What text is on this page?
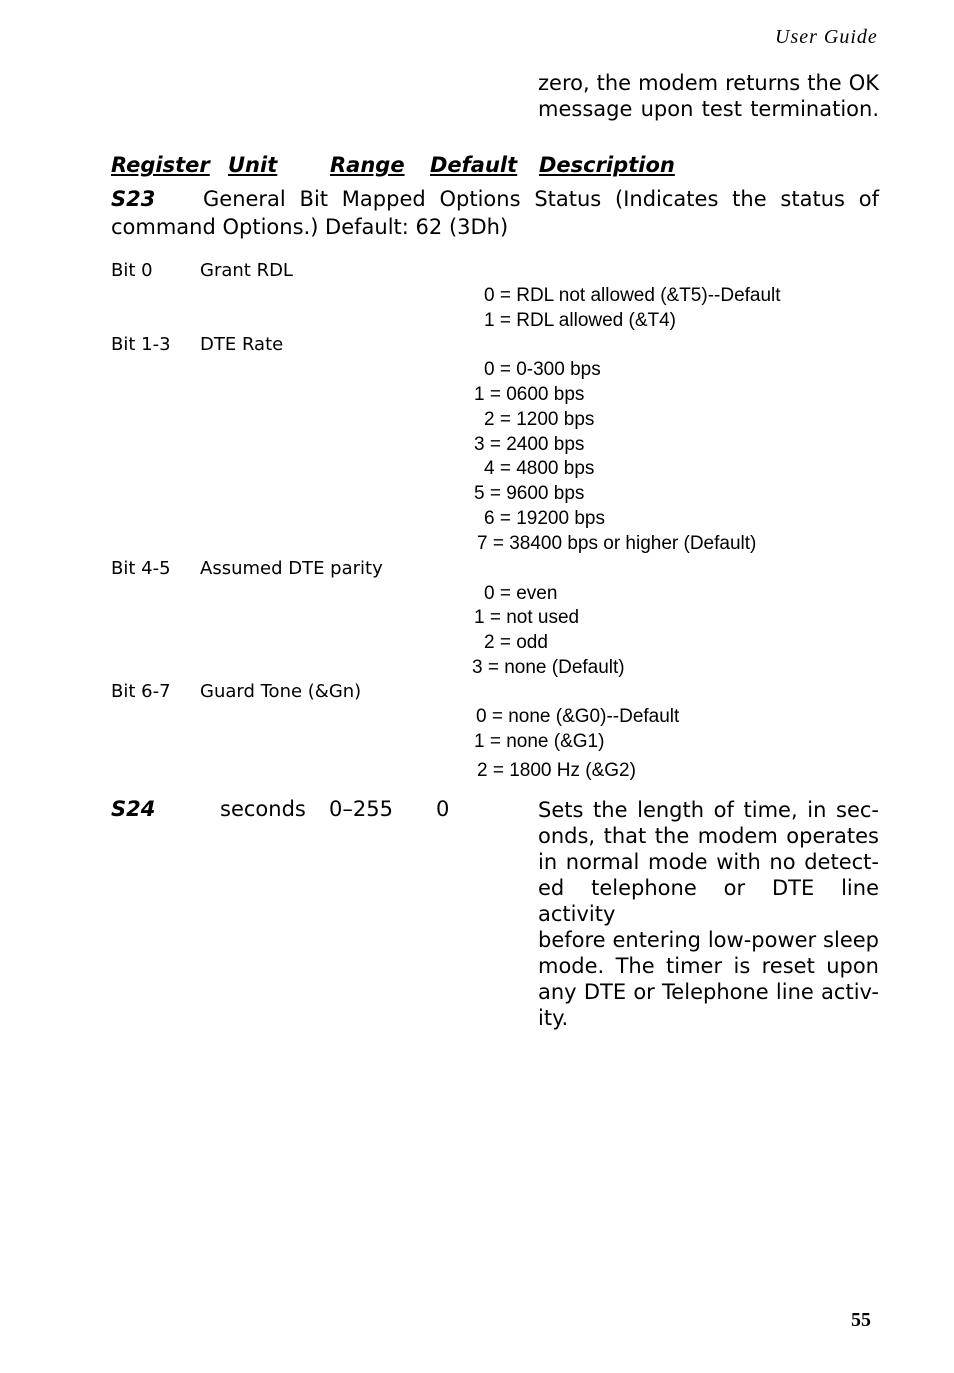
User Guide
zero, the modem returns the OK
message upon test termination.
Register Unit	Range Default Description
S23 General Bit Mapped Options Status (Indicates the status of
command Options.) Default: 62 (3Dh)
Bit 0	Grant RDL
0 = RDL not allowed (&T5)--Default
1 = RDL allowed (&T4)
Bit 1-3 DTE Rate
0 = 0-300 bps
1 = 0600 bps
2 = 1200 bps
3 = 2400 bps
4 = 4800 bps
5 = 9600 bps
6 = 19200 bps
7 = 38400 bps or higher (Default)
Bit 4-5 Assumed DTE parity
0 = even
1 = not used
2 = odd
3 = none (Default)
Bit 6-7 Guard Tone (&Gn)
0 = none (&G0)--Default
1 = none (&G1)
2 = 1800 Hz (&G2)
S24	seconds 0–255 0	Sets the length of time, in sec-
onds, that the modem operates
in normal mode with no detect-
ed telephone or DTE line activity
before entering low-power sleep
mode. The timer is reset upon
any DTE or Telephone line activ-
ity.
55
